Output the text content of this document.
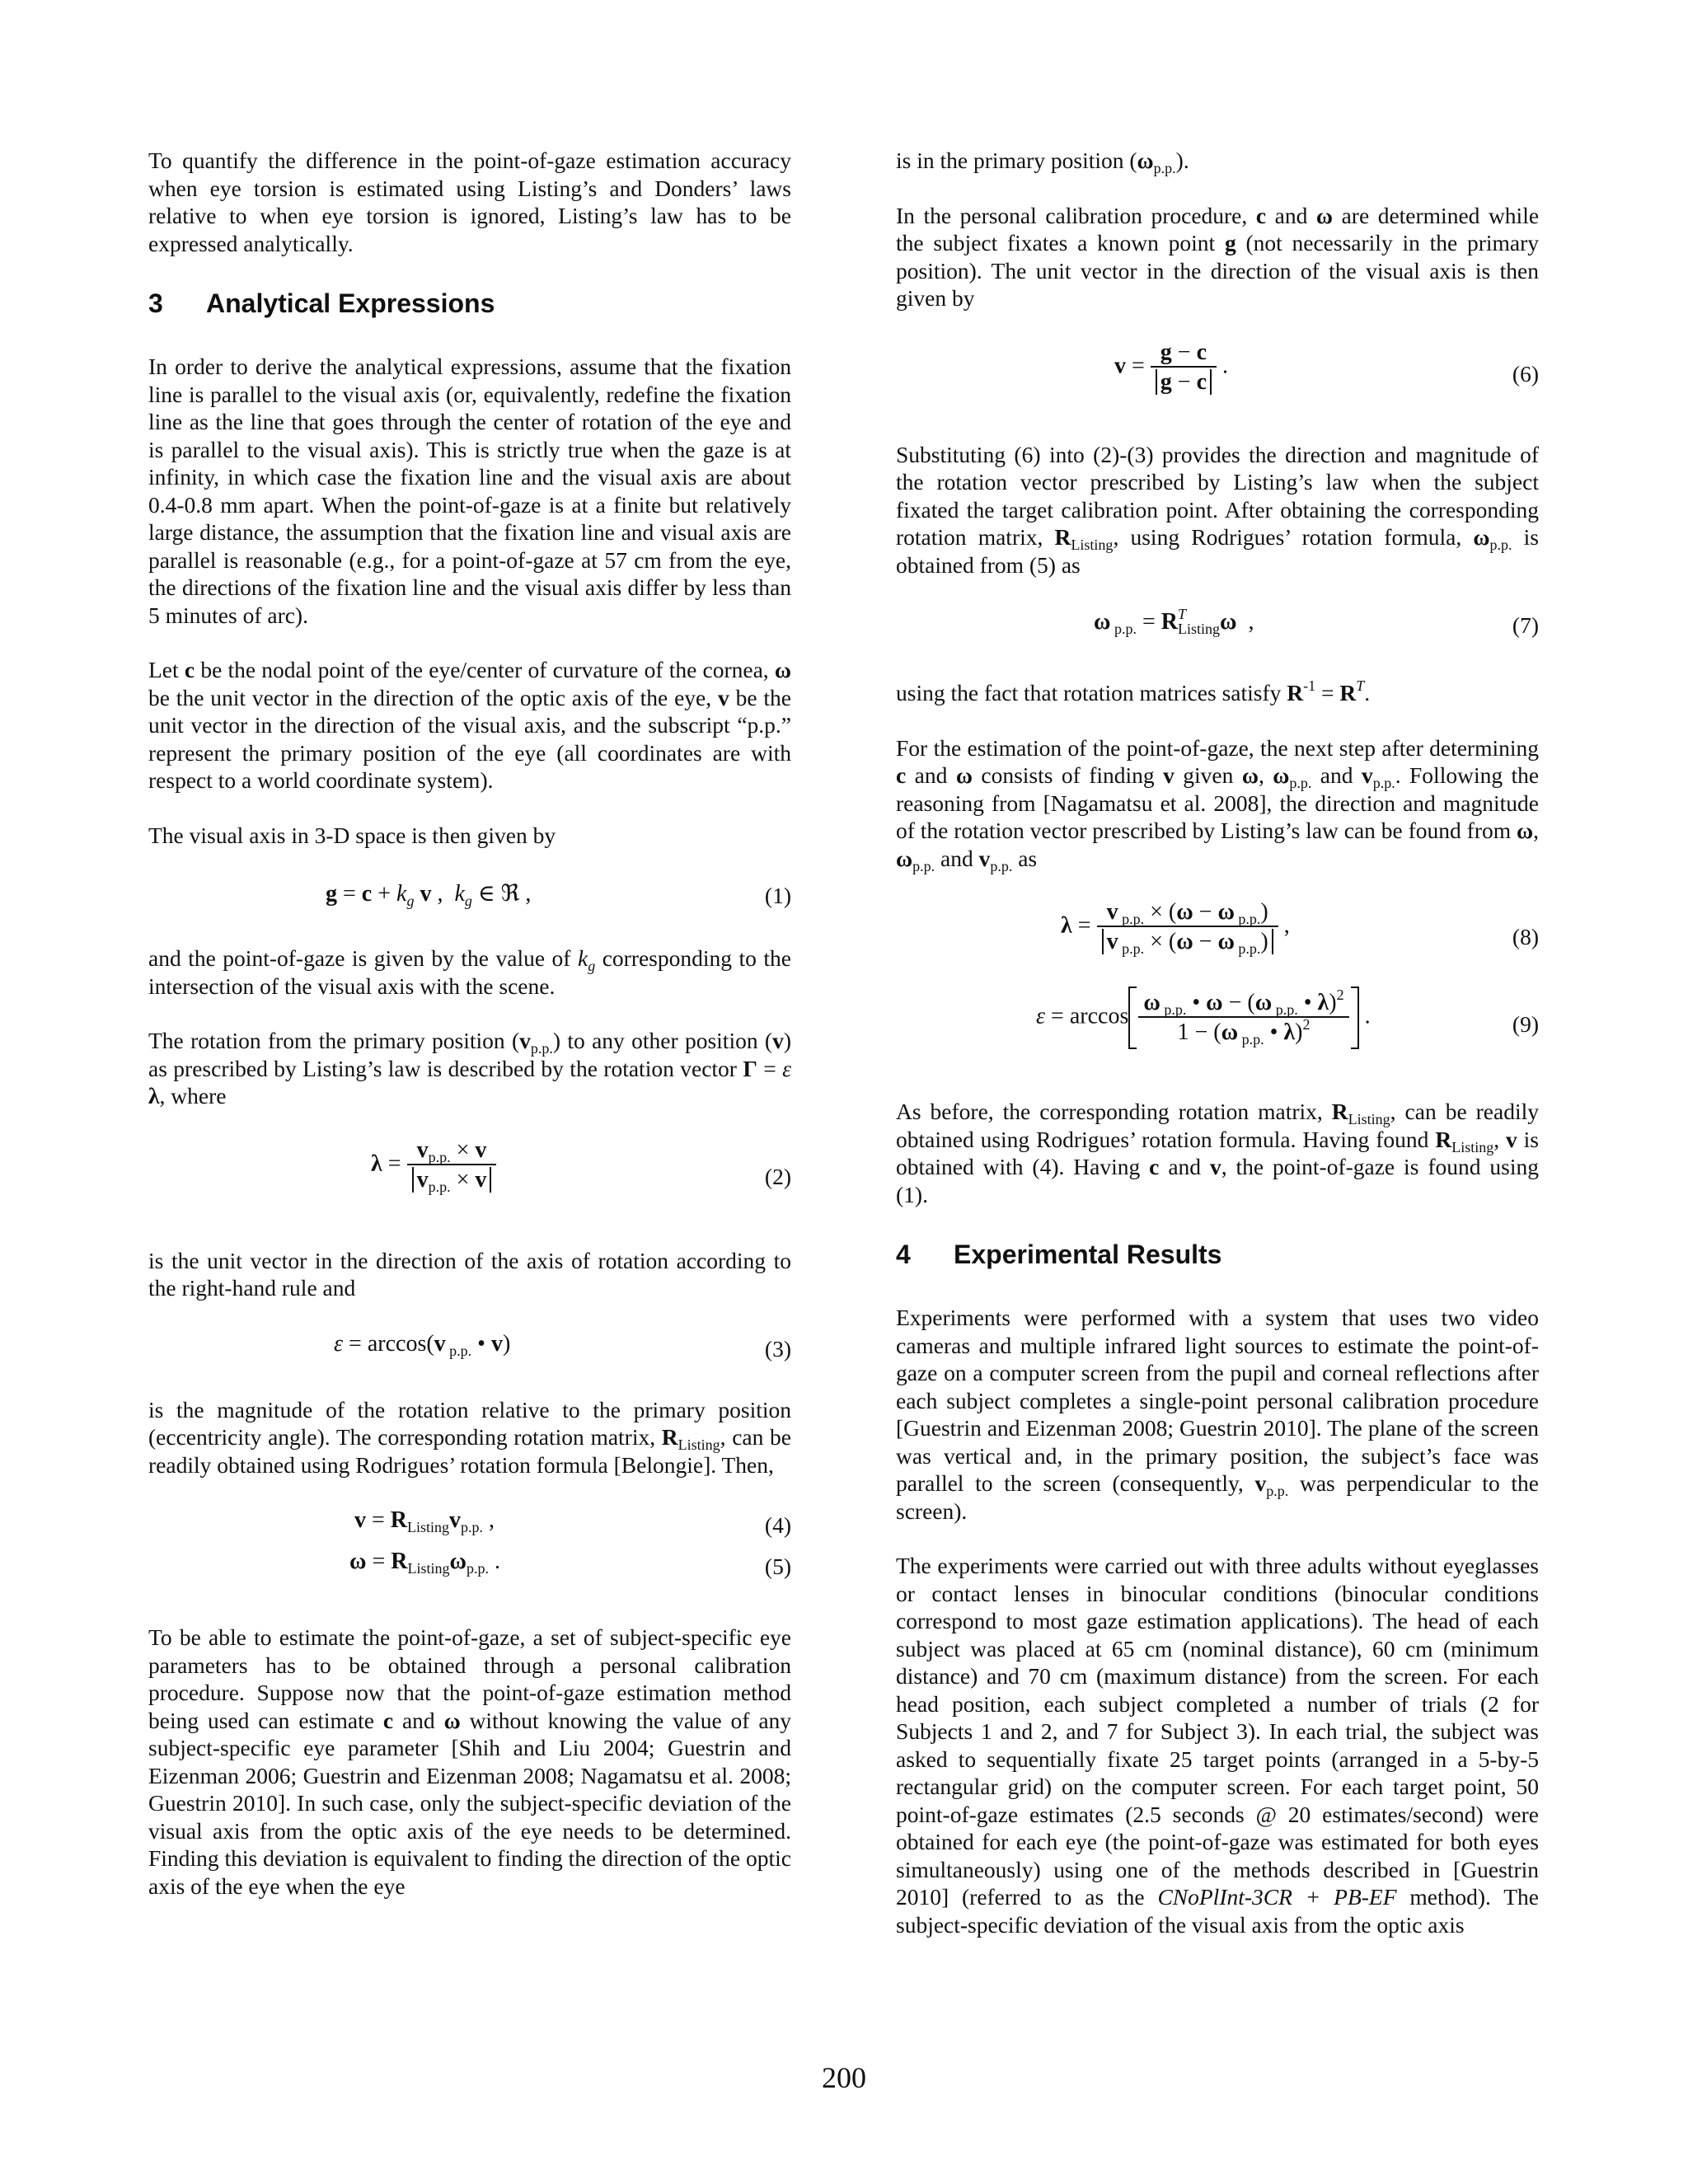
To quantify the difference in the point-of-gaze estimation accuracy when eye torsion is estimated using Listing’s and Donders’ laws relative to when eye torsion is ignored, Listing’s law has to be expressed analytically.

3 Analytical Expressions

In order to derive the analytical expressions, assume that the fixation line is parallel to the visual axis (or, equivalently, redefine the fixation line as the line that goes through the center of rotation of the eye and is parallel to the visual axis). This is strictly true when the gaze is at infinity, in which case the fixation line and the visual axis are about 0.4-0.8 mm apart. When the point-of-gaze is at a finite but relatively large distance, the assumption that the fixation line and visual axis are parallel is reasonable (e.g., for a point-of-gaze at 57 cm from the eye, the directions of the fixation line and the visual axis differ by less than 5 minutes of arc).

Let c be the nodal point of the eye/center of curvature of the cornea, ω be the unit vector in the direction of the optic axis of the eye, v be the unit vector in the direction of the visual axis, and the subscript “p.p.” represent the primary position of the eye (all coordinates are with respect to a world coordinate system).

The visual axis in 3-D space is then given by

$g = c + k_g$ v ,  $k_g$ ∈ ℜ ,	(1)

and the point-of-gaze is given by the value of $k_g$ corresponding to the intersection of the visual axis with the scene.

The rotation from the primary position $(v_{p.p.})$ to any other position (v) as prescribed by Listing’s law is described by the rotation vector Γ = ε λ, where

$\lambda = \frac{v_{p.p.} \times v}{v_{p.p.} \times v}$	(2)

is the unit vector in the direction of the axis of rotation according to the right-hand rule and

ε = arccos(v $_{p.p.}$ • v)	(3)

is the magnitude of the rotation relative to the primary position (eccentricity angle). The corresponding rotation matrix, $R_{Listing}$, can be readily obtained using Rodrigues’ rotation formula [Belongie]. Then,

$v = R_{Listing}v_{p.p.}$ ,	(4)
$\omega = R_{Listing}\omega_{p.p.}$ .	(5)

To be able to estimate the point-of-gaze, a set of subject-specific eye parameters has to be obtained through a personal calibration procedure. Suppose now that the point-of-gaze estimation method being used can estimate c and ω without knowing the value of any subject-specific eye parameter [Shih and Liu 2004; Guestrin and Eizenman 2006; Guestrin and Eizenman 2008; Nagamatsu et al. 2008; Guestrin 2010]. In such case, only the subject-specific deviation of the visual axis from the optic axis of the eye needs to be determined. Finding this deviation is equivalent to finding the direction of the optic axis of the eye when the eye

is in the primary position $(\omega_{p.p.})$.

In the personal calibration procedure, c and ω are determined while the subject fixates a known point g (not necessarily in the primary position). The unit vector in the direction of the visual axis is then given by

$v = \frac{g - c}{g - c}$ .	(6)

Substituting (6) into (2)-(3) provides the direction and magnitude of the rotation vector prescribed by Listing’s law when the subject fixated the target calibration point. After obtaining the corresponding rotation matrix, $R_{Listing}$, using Rodrigues’ rotation formula, $\omega_{p.p.}$ is obtained from (5) as

ω $_{p.p.} = R^T_{Listing}\omega$  ,	(7)

using the fact that rotation matrices satisfy $R^{-1} = R^T$.

For the estimation of the point-of-gaze, the next step after determining c and ω consists of finding v given ω, $\omega_{p.p.}$ and $v_{p.p.}$. Following the reasoning from [Nagamatsu et al. 2008], the direction and magnitude of the rotation vector prescribed by Listing’s law can be found from ω, $\omega_{p.p.}$ and $v_{p.p.}$ as

$\lambda = \frac{v _{p.p.} \times (\omega - \omega _{p.p.})}{v _{p.p.} \times (\omega - \omega _{p.p.})}$ ,	(8)
$\varepsilon = \arccos \frac{\omega _{p.p.} • \omega - (\omega _{p.p.} • \lambda)^2}{1 - (\omega _{p.p.} • \lambda)^2}$ .	(9)

As before, the corresponding rotation matrix, $R_{Listing}$, can be readily obtained using Rodrigues’ rotation formula. Having found $R_{Listing}$, v is obtained with (4). Having c and v, the point-of-gaze is found using (1).

4 Experimental Results

Experiments were performed with a system that uses two video cameras and multiple infrared light sources to estimate the point-of-gaze on a computer screen from the pupil and corneal reflections after each subject completes a single-point personal calibration procedure [Guestrin and Eizenman 2008; Guestrin 2010]. The plane of the screen was vertical and, in the primary position, the subject’s face was parallel to the screen (consequently, $v_{p.p.}$ was perpendicular to the screen).

The experiments were carried out with three adults without eyeglasses or contact lenses in binocular conditions (binocular conditions correspond to most gaze estimation applications). The head of each subject was placed at 65 cm (nominal distance), 60 cm (minimum distance) and 70 cm (maximum distance) from the screen. For each head position, each subject completed a number of trials (2 for Subjects 1 and 2, and 7 for Subject 3). In each trial, the subject was asked to sequentially fixate 25 target points (arranged in a 5-by-5 rectangular grid) on the computer screen. For each target point, 50 point-of-gaze estimates (2.5 seconds @ 20 estimates/second) were obtained for each eye (the point-of-gaze was estimated for both eyes simultaneously) using one of the methods described in [Guestrin 2010] (referred to as the CNoPlInt-3CR + PB-EF method). The subject-specific deviation of the visual axis from the optic axis

200
